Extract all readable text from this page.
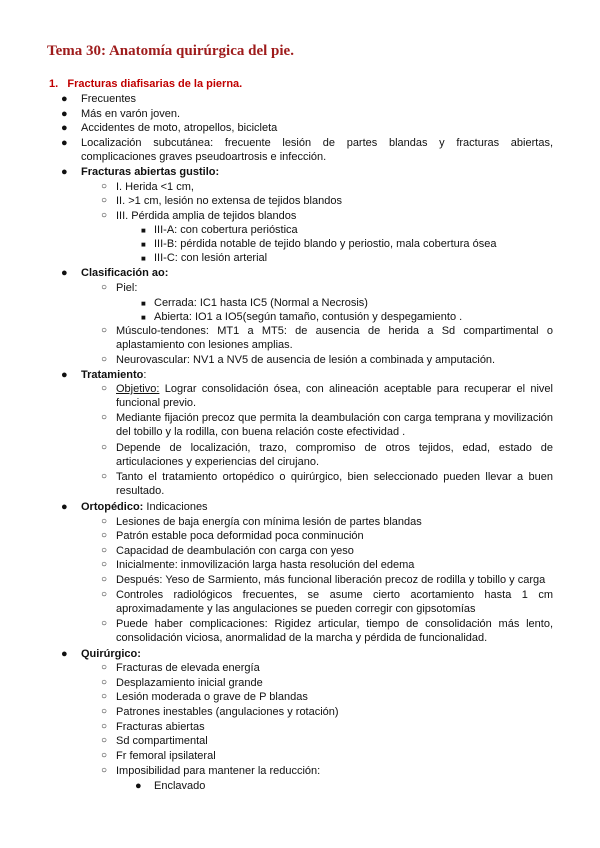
Tema 30: Anatomía quirúrgica del pie.
1. Fracturas diafisarias de la pierna.
● Frecuentes
● Más en varón joven.
● Accidentes de moto, atropellos, bicicleta
● Localización subcutánea: frecuente lesión de partes blandas y fracturas abiertas, complicaciones graves pseudoartrosis e infección.
● Fracturas abiertas gustilo:
○ I. Herida <1 cm,
○ II. >1 cm, lesión no extensa de tejidos blandos
○ III. Pérdida amplia de tejidos blandos
■ III-A: con cobertura perióstica
■ III-B: pérdida notable de tejido blando y periostio, mala cobertura ósea
■ III-C: con lesión arterial
● Clasificación ao:
○ Piel:
■ Cerrada: IC1 hasta IC5 (Normal a Necrosis)
■ Abierta: IO1 a IO5(según tamaño, contusión y despegamiento .
○ Músculo-tendones: MT1 a MT5: de ausencia de herida a Sd compartimental o aplastamiento con lesiones amplias.
○ Neurovascular: NV1 a NV5 de ausencia de lesión a combinada y amputación.
● Tratamiento:
○ Objetivo: Lograr consolidación ósea, con alineación aceptable para recuperar el nivel funcional previo.
○ Mediante fijación precoz que permita la deambulación con carga temprana y movilización del tobillo y la rodilla, con buena relación coste efectividad .
○ Depende de localización, trazo, compromiso de otros tejidos, edad, estado de articulaciones y experiencias del cirujano.
○ Tanto el tratamiento ortopédico o quirúrgico, bien seleccionado pueden llevar a buen resultado.
● Ortopédico: Indicaciones
○ Lesiones de baja energía con mínima lesión de partes blandas
○ Patrón estable poca deformidad poca conminución
○ Capacidad de deambulación con carga con yeso
○ Inicialmente: inmovilización larga hasta resolución del edema
○ Después: Yeso de Sarmiento, más funcional liberación precoz de rodilla y tobillo y carga
○ Controles radiológicos frecuentes, se asume cierto acortamiento hasta 1 cm aproximadamente y las angulaciones se pueden corregir con gipsotomías
○ Puede haber complicaciones: Rigidez articular, tiempo de consolidación más lento, consolidación viciosa, anormalidad de la marcha y pérdida de funcionalidad.
● Quirúrgico:
○ Fracturas de elevada energía
○ Desplazamiento inicial grande
○ Lesión moderada o grave de P blandas
○ Patrones inestables (angulaciones y rotación)
○ Fracturas abiertas
○ Sd compartimental
○ Fr femoral ipsilateral
○ Imposibilidad para mantener la reducción:
● Enclavado
